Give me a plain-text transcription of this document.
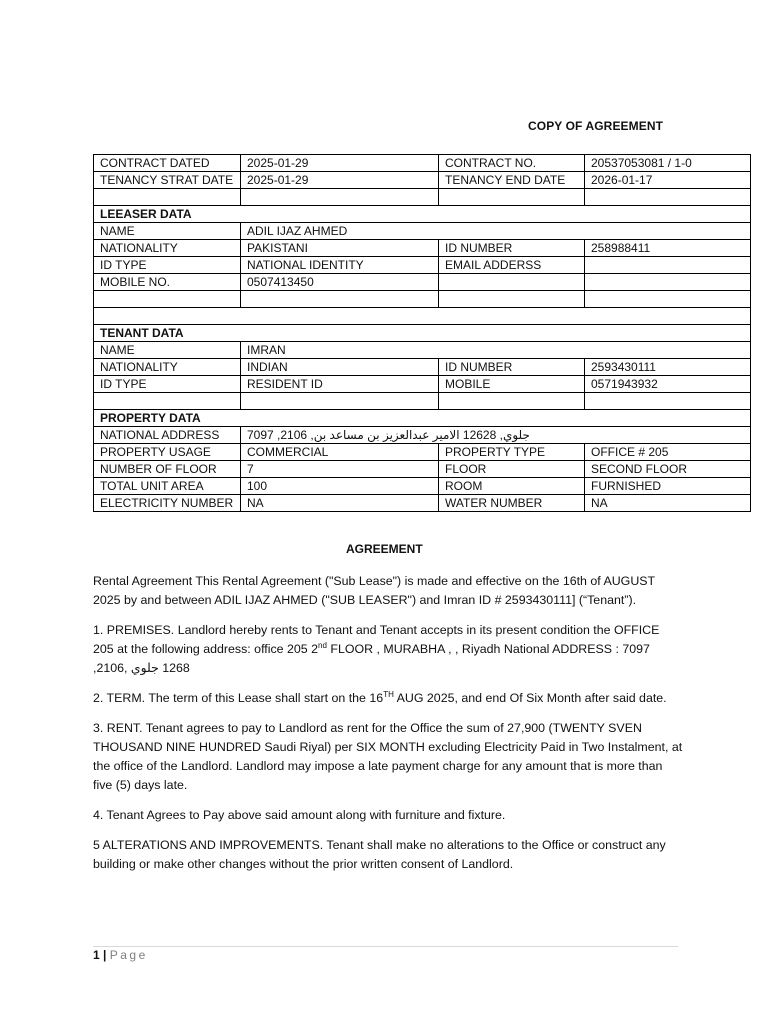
COPY OF AGREEMENT
CONTRACT DATED	2025-01-29	CONTRACT NO.	20537053081 / 1-0
TENANCY STRAT DATE	2025-01-29	TENANCY END DATE	2026-01-17

LEEASER DATA			
NAME	ADIL IJAZ AHMED		
NATIONALITY	PAKISTANI	ID NUMBER	258988411
ID TYPE	NATIONAL IDENTITY	EMAIL ADDERSS	
MOBILE NO.	0507413450		

TENANT DATA			
NAME	IMRAN		
NATIONALITY	INDIAN	ID NUMBER	2593430111
ID TYPE	RESIDENT ID	MOBILE	0571943932

PROPERTY DATA			
NATIONAL ADDRESS	جلوي, 12628 الامير عبدالعزيز بن مساعد بن, 2106, 7097		
PROPERTY USAGE	COMMERCIAL	PROPERTY TYPE	OFFICE # 205
NUMBER OF FLOOR	7	FLOOR	SECOND FLOOR
TOTAL UNIT AREA	100	ROOM	FURNISHED
ELECTRICITY NUMBER	NA	WATER NUMBER	NA
AGREEMENT

Rental Agreement This Rental Agreement ("Sub Lease") is made and effective on the 16th of AUGUST 2025 by and between ADIL IJAZ AHMED ("SUB LEASER") and Imran ID # 2593430111] (“Tenant”).

1. PREMISES. Landlord hereby rents to Tenant and Tenant accepts in its present condition the OFFICE 205 at the following address: office 205 2nd FLOOR , MURABHA , , Riyadh National ADDRESS : 7097 ,2106, 1268 جلوي

2. TERM. The term of this Lease shall start on the 16TH AUG 2025, and end Of Six Month after said date.

3. RENT. Tenant agrees to pay to Landlord as rent for the Office the sum of 27,900 (TWENTY SVEN THOUSAND NINE HUNDRED Saudi Riyal) per SIX MONTH excluding Electricity Paid in Two Instalment, at the office of the Landlord. Landlord may impose a late payment charge for any amount that is more than five (5) days late.

4. Tenant Agrees to Pay above said amount along with furniture and fixture.

5 ALTERATIONS AND IMPROVEMENTS. Tenant shall make no alterations to the Office or construct any building or make other changes without the prior written consent of Landlord.

1 | Page
